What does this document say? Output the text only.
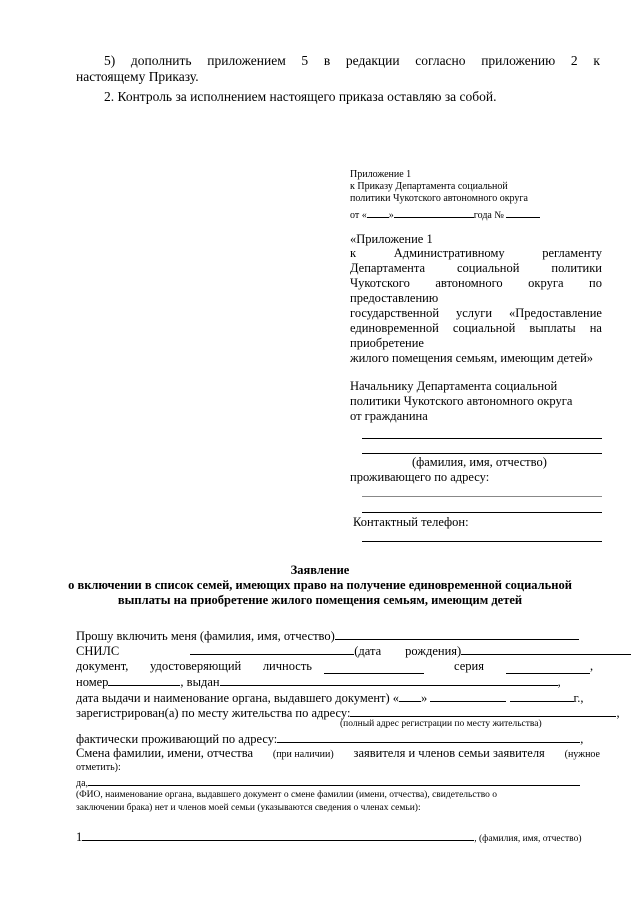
5) дополнить приложением 5 в редакции согласно приложению 2 к
настоящему Приказу.
2. Контроль за исполнением настоящего приказа оставляю за собой.
Приложение 1
к Приказу Департамента социальной
политики Чукотского автономного округа
от « »	года №
«Приложение 1
к	Административному	регламенту
Департамента	социальной	политики
Чукотского автономного округа по
предоставлению
государственной услуги «Предоставление
единовременной социальной выплаты на
приобретение
жилого помещения семьям, имеющим детей»
Начальнику Департамента социальной
политики Чукотского автономного округа
от гражданина
(фамилия, имя, отчество)
проживающего по адресу:
Контактный телефон:
Заявление
о включении в список семей, имеющих право на получение единовременной социальной
выплаты на приобретение жилого помещения семьям, имеющим детей
Прошу включить меня (фамилия, имя, отчество)
СНИЛС	(дата рождения)
документ, удостоверяющий личность	серия	,
номер	, выдан	,
дата выдачи и наименование органа, выдавшего документ) « »	г.,
зарегистрирован(а) по месту жительства по адресу:	,
(полный адрес регистрации по месту жительства)
фактически проживающий по адресу:	,
Смена фамилии, имени, отчества (при наличии) заявителя и членов семьи заявителя (нужное
отметить):
да,
(ФИО, наименование органа, выдавшего документ о смене фамилии (имени, отчества), свидетельство о
заключении брака) нет и членов моей семьи (указываются сведения о членах семьи):
1	, (фамилия, имя, отчество)
